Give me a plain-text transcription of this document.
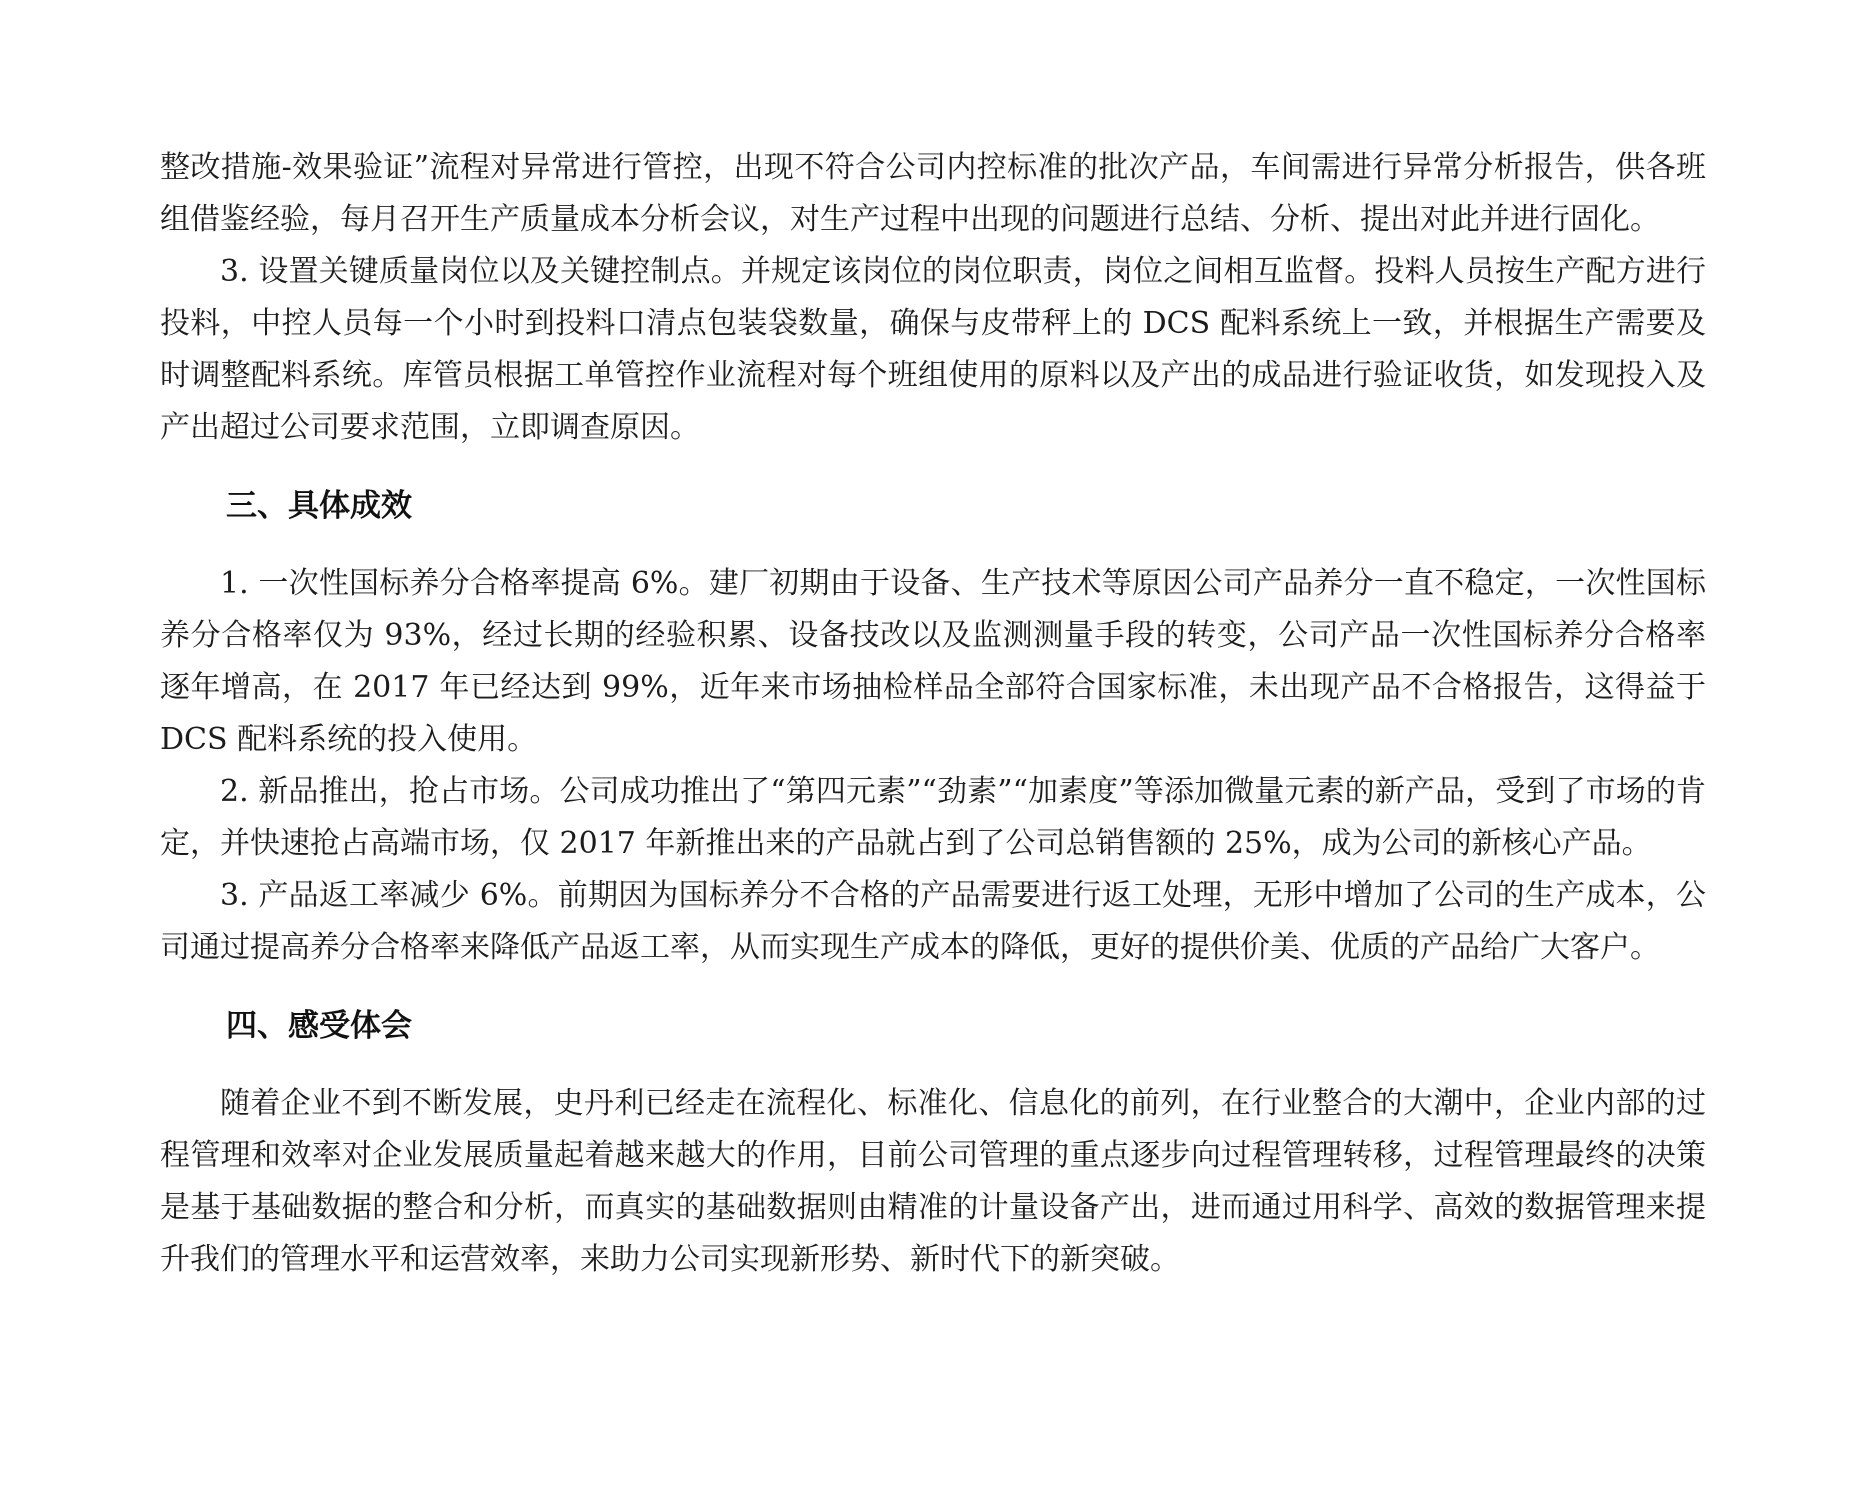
整改措施-效果验证”流程对异常进行管控，出现不符合公司内控标准的批次产品，车间需进行异常分析报告，供各班组借鉴经验，每月召开生产质量成本分析会议，对生产过程中出现的问题进行总结、分析、提出对此并进行固化。

3. 设置关键质量岗位以及关键控制点。并规定该岗位的岗位职责，岗位之间相互监督。投料人员按生产配方进行投料，中控人员每一个小时到投料口清点包装袋数量，确保与皮带秤上的 DCS 配料系统上一致，并根据生产需要及时调整配料系统。库管员根据工单管控作业流程对每个班组使用的原料以及产出的成品进行验证收货，如发现投入及产出超过公司要求范围，立即调查原因。

三、具体成效

1. 一次性国标养分合格率提高 6%。建厂初期由于设备、生产技术等原因公司产品养分一直不稳定，一次性国标养分合格率仅为 93%，经过长期的经验积累、设备技改以及监测测量手段的转变，公司产品一次性国标养分合格率逐年增高，在 2017 年已经达到 99%，近年来市场抽检样品全部符合国家标准，未出现产品不合格报告，这得益于 DCS 配料系统的投入使用。

2. 新品推出，抢占市场。公司成功推出了“第四元素”“劲素”“加素度”等添加微量元素的新产品，受到了市场的肯定，并快速抢占高端市场，仅 2017 年新推出来的产品就占到了公司总销售额的 25%，成为公司的新核心产品。

3. 产品返工率减少 6%。前期因为国标养分不合格的产品需要进行返工处理，无形中增加了公司的生产成本，公司通过提高养分合格率来降低产品返工率，从而实现生产成本的降低，更好的提供价美、优质的产品给广大客户。

四、感受体会

随着企业不到不断发展，史丹利已经走在流程化、标准化、信息化的前列，在行业整合的大潮中，企业内部的过程管理和效率对企业发展质量起着越来越大的作用，目前公司管理的重点逐步向过程管理转移，过程管理最终的决策是基于基础数据的整合和分析，而真实的基础数据则由精准的计量设备产出，进而通过用科学、高效的数据管理来提升我们的管理水平和运营效率，来助力公司实现新形势、新时代下的新突破。
